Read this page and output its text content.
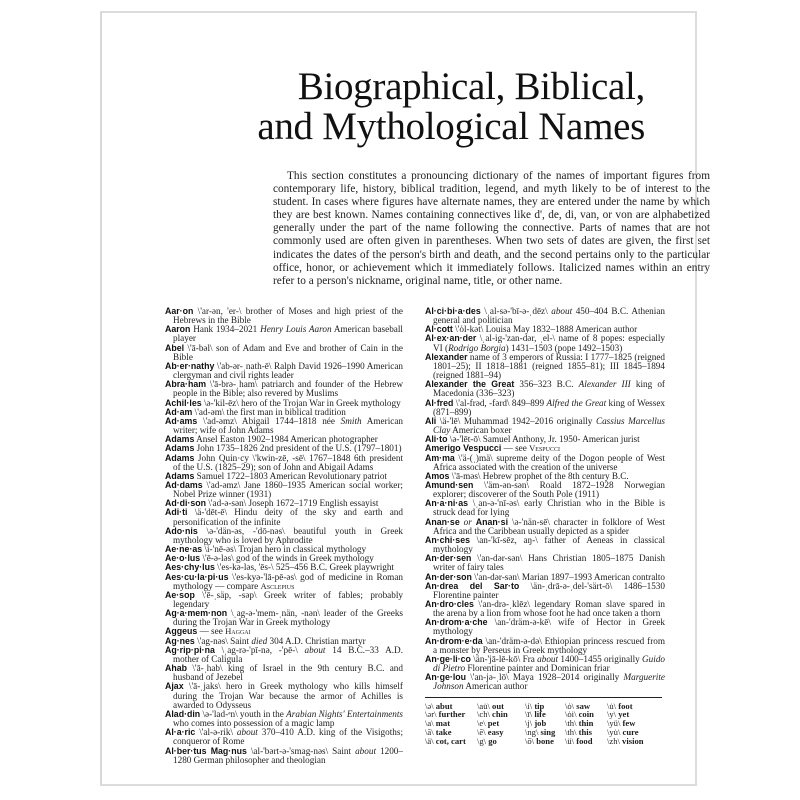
Biographical, Biblical,
and Mythological Names

This section constitutes a pronouncing dictionary of the names of important figures from contemporary life, history, biblical tradition, legend, and myth likely to be of interest to the student. In cases where figures have alternate names, they are entered under the name by which they are best known. Names containing connectives like d', de, di, van, or von are alphabetized generally under the part of the name following the connective. Parts of names that are not commonly used are often given in parentheses. When two sets of dates are given, the first set indicates the dates of the person's birth and death, and the second pertains only to the particular office, honor, or achievement which it immediately follows. Italicized names within an entry refer to a person's nickname, original name, title, or other name.

Aar·on \'ar-ən, 'er-\ brother of Moses and high priest of the Hebrews in the Bible

Aaron Hank 1934–2021 Henry Louis Aaron American baseball player

Abel \'ā-bəl\ son of Adam and Eve and brother of Cain in the Bible

Ab·er·nathy \'ab-ər-ˌnath-ē\ Ralph David 1926–1990 American clergyman and civil rights leader

Abra·ham \'ā-brə-ˌham\ patriarch and founder of the Hebrew people in the Bible; also revered by Muslims

Achil·les \ə-'kil-ēz\ hero of the Trojan War in Greek mythology

Ad·am \'ad-əm\ the first man in biblical tradition

Ad·ams \'ad-əmz\ Abigail 1744–1818 née Smith American writer; wife of John Adams

Adams Ansel Easton 1902–1984 American photographer

Adams John 1735–1826 2nd president of the U.S. (1797–1801)

Adams John Quin·cy \'kwin-zē, -sē\ 1767–1848 6th president of the U.S. (1825–29); son of John and Abigail Adams

Adams Samuel 1722–1803 American Revolutionary patriot

Ad·dams \'ad-əmz\ Jane 1860–1935 American social worker; Nobel Prize winner (1931)

Ad·di·son \'ad-ə-sən\ Joseph 1672–1719 English essayist

Adi·ti \ä-'dēt-ē\ Hindu deity of the sky and earth and personification of the infinite

Ado·nis \ə-'dän-əs, -'dō-nəs\ beautiful youth in Greek mythology who is loved by Aphrodite

Ae·ne·as \i-'nē-əs\ Trojan hero in classical mythology

Ae·o·lus \'ē-ə-ləs\ god of the winds in Greek mythology

Aes·chy·lus \'es-kə-ləs, 'ēs-\ 525–456 B.C. Greek playwright

Aes·cu·la·pi·us \'es-kyə-'lā-pē-əs\ god of medicine in Roman mythology — compare Asclepius

Ae·sop \'ē-ˌsäp, -səp\ Greek writer of fables; probably legendary

Ag·a·mem·non \ˌag-ə-'mem-ˌnän, -nən\ leader of the Greeks during the Trojan War in Greek mythology

Aggeus — see Haggai

Ag·nes \'ag-nəs\ Saint died 304 A.D. Christian martyr

Ag·rip·pi·na \ˌag-rə-'pī-nə, -'pē-\ about 14 B.C.–33 A.D. mother of Caligula

Ahab \'ā-ˌhab\ king of Israel in the 9th century B.C. and husband of Jezebel

Ajax \'ā-ˌjaks\ hero in Greek mythology who kills himself during the Trojan War because the armor of Achilles is awarded to Odysseus

Alad·din \ə-'lad-ᵊn\ youth in the Arabian Nights' Entertainments who comes into possession of a magic lamp

Al·a·ric \'al-ə-rik\ about 370–410 A.D. king of the Visigoths; conqueror of Rome

Al·ber·tus Mag·nus \al-'bərt-ə-'smag-nəs\ Saint about 1200–1280 German philosopher and theologian

Al·ci·bi·a·des \ˌal-sə-'bī-ə-ˌdēz\ about 450–404 B.C. Athenian general and politician

Al·cott \'ȯl-kət\ Louisa May 1832–1888 American author

Al·ex·an·der \ˌal-ig-'zan-dər, ˌel-\ name of 8 popes: especially VI (Rodrigo Borgia) 1431–1503 (pope 1492–1503)

Alexander name of 3 emperors of Russia: I 1777–1825 (reigned 1801–25); II 1818–1881 (reigned 1855–81); III 1845–1894 (reigned 1881–94)

Alexander the Great 356–323 B.C. Alexander III king of Macedonia (336–323)

Al·fred \'al-frəd, -fərd\ 849–899 Alfred the Great king of Wessex (871–899)

Ali \ä-'lē\ Muhammad 1942–2016 originally Cassius Marcellus Clay American boxer

Ali·to \ə-'lēt-ō\ Samuel Anthony, Jr. 1950- American jurist

Amerigo Vespucci — see Vespucci

Am·ma \'ä-(ˌ)mä\ supreme deity of the Dogon people of West Africa associated with the creation of the universe

Amos \'ā-məs\ Hebrew prophet of the 8th century B.C.

Amund·sen \'äm-ən-sən\ Roald 1872–1928 Norwegian explorer; discoverer of the South Pole (1911)

An·a·ni·as \ˌan-ə-'nī-əs\ early Christian who in the Bible is struck dead for lying

Anan·se or Anan·si \ə-'nän-sē\ character in folklore of West Africa and the Caribbean usually depicted as a spider

An·chi·ses \an-'kī-sēz, aŋ-\ father of Aeneas in classical mythology

An·der·sen \'an-dər-sən\ Hans Christian 1805–1875 Danish writer of fairy tales

An·der·son \'an-dər-sən\ Marian 1897–1993 American contralto

An·drea del Sar·to \än-ˌdrā-ə-ˌdel-'särt-ō\ 1486–1530 Florentine painter

An·dro·cles \'an-drə-ˌklēz\ legendary Roman slave spared in the arena by a lion from whose foot he had once taken a thorn

An·drom·a·che \an-'dräm-ə-kē\ wife of Hector in Greek mythology

An·drom·e·da \an-'dräm-ə-də\ Ethiopian princess rescued from a monster by Perseus in Greek mythology

An·ge·li·co \än-'jā-lē-kō\ Fra about 1400–1455 originally Guido di Pietro Florentine painter and Dominican friar

An·ge·lou \'an-jə-ˌlō\ Maya 1928–2014 originally Marguerite Johnson American author

\ə\ abut	\au̇\ out	\i\ tip	\ȯ\ saw	\u̇\ foot
\ər\ further	\ch\ chin	\ī\ life	\ȯi\ coin	\y\ yet
\a\ mat	\e\ pet	\j\ job	\th\ thin	\yü\ few
\ā\ take	\ē\ easy	\ng\ sing	\th\ this	\yu̇\ cure
\ä\ cot, cart	\g\ go	\ō\ bone	\ü\ food	\zh\ vision
